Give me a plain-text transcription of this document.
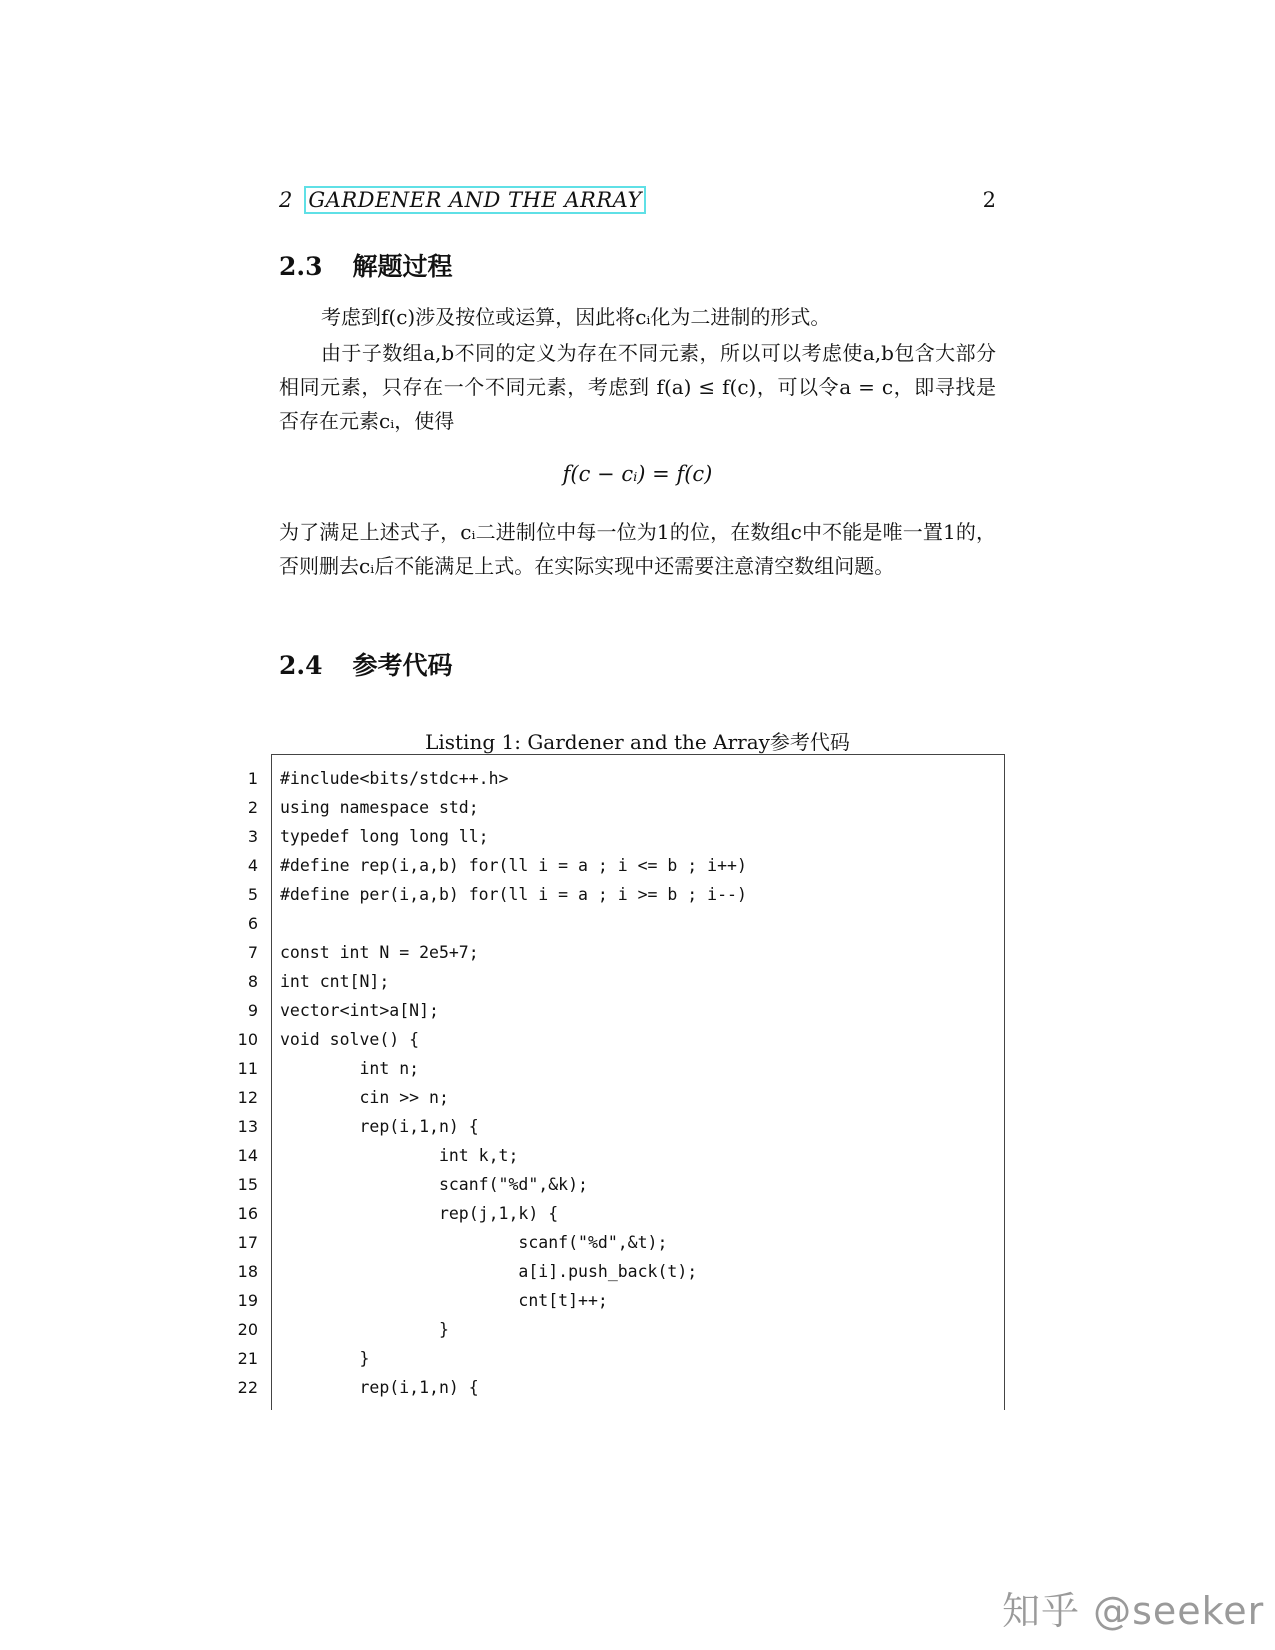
2 GARDENER AND THE ARRAY	2
2.3 解题过程
考虑到f(c)涉及按位或运算，因此将cᵢ化为二进制的形式。
由于子数组a,b不同的定义为存在不同元素，所以可以考虑使a,b包含大部分相同元素，只存在一个不同元素，考虑到 f(a) ≤ f(c)，可以令a = c，即寻找是否存在元素cᵢ，使得
f(c − cᵢ) = f(c)
为了满足上述式子，cᵢ二进制位中每一位为1的位，在数组c中不能是唯一置1的，否则删去cᵢ后不能满足上式。在实际实现中还需要注意清空数组问题。
2.4 参考代码
Listing 1: Gardener and the Array参考代码
知乎 @seeker
1 #include<bits/stdc++.h>
2 using namespace std;
3 typedef long long ll;
4 #define rep(i,a,b) for(ll i = a ; i <= b ; i++)
5 #define per(i,a,b) for(ll i = a ; i >= b ; i--)
6
7 const int N = 2e5+7;
8 int cnt[N];
9 vector<int>a[N];
10 void solve() {
11 int n;
12 cin >> n;
13 rep(i,1,n) {
14 int k,t;
15 scanf("%d",&k);
16 rep(j,1,k) {
17 scanf("%d",&t);
18 a[i].push_back(t);
19 cnt[t]++;
20 }
21 }
22 rep(i,1,n) {
